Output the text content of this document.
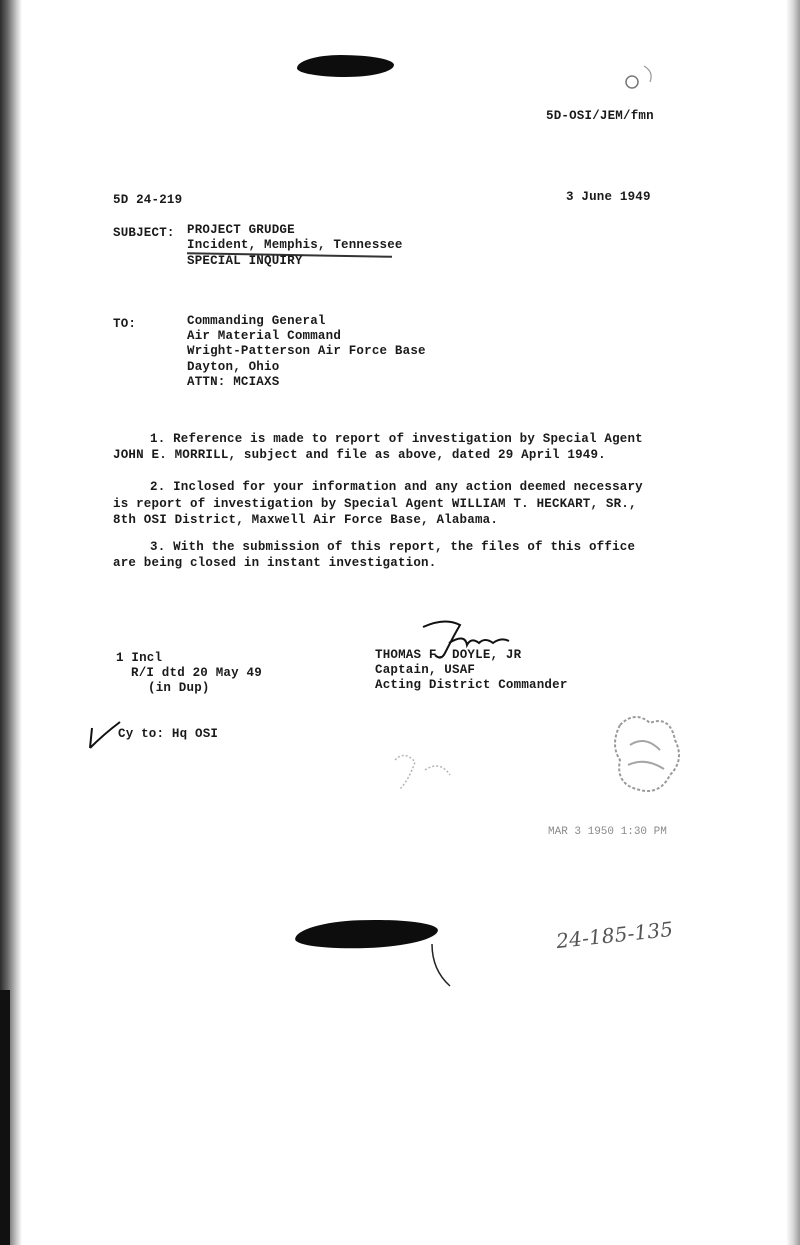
5D-OSI/JEM/fmn
5D 24-219	3 June 1949
SUBJECT: PROJECT GRUDGE
Incident, Memphis, Tennessee
SPECIAL INQUIRY
TO:	Commanding General
Air Material Command
Wright-Patterson Air Force Base
Dayton, Ohio
ATTN: MCIAXS
1. Reference is made to report of investigation by Special Agent
JOHN E. MORRILL, subject and file as above, dated 29 April 1949.
2. Inclosed for your information and any action deemed necessary
is report of investigation by Special Agent WILLIAM T. HECKART, SR.,
8th OSI District, Maxwell Air Force Base, Alabama.
3. With the submission of this report, the files of this office
are being closed in instant investigation.
1 Incl
R/I dtd 20 May 49
(in Dup)
THOMAS F. DOYLE, JR
Captain, USAF
Acting District Commander
Cy to: Hq OSI
MAR 3 1950 1:30 PM
24-185-135
